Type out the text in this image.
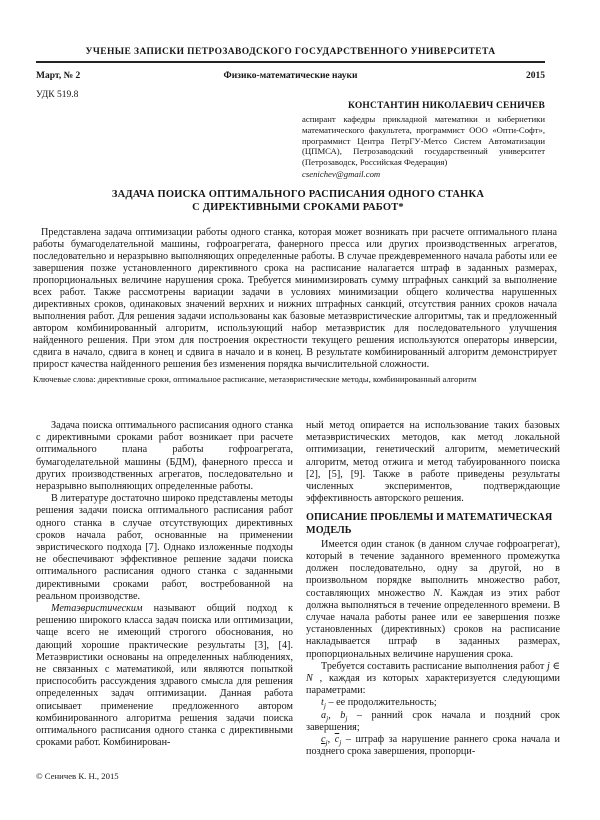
УЧЕНЫЕ ЗАПИСКИ ПЕТРОЗАВОДСКОГО ГОСУДАРСТВЕННОГО УНИВЕРСИТЕТА
Март, № 2	Физико-математические науки	2015
УДК 519.8
КОНСТАНТИН НИКОЛАЕВИЧ СЕНИЧЕВ
аспирант кафедры прикладной математики и кибернетики математического факультета, программист ООО «Опти-Софт», программист Центра ПетрГУ-Метсо Систем Автоматизации (ЦПМСА), Петрозаводский государственный университет (Петрозаводск, Российская Федерация)
csenichev@gmail.com
ЗАДАЧА ПОИСКА ОПТИМАЛЬНОГО РАСПИСАНИЯ ОДНОГО СТАНКА
С ДИРЕКТИВНЫМИ СРОКАМИ РАБОТ*

Представлена задача оптимизации работы одного станка, которая может возникать при расчете оптимального плана работы бумагоделательной машины, гофроагрегата, фанерного пресса или других производственных агрегатов, последовательно и неразрывно выполняющих определенные работы. В случае преждевременного начала работы или ее завершения позже установленного директивного срока на расписание налагается штраф в заданных размерах, пропорциональных величине нарушения срока. Требуется минимизировать сумму штрафных санкций за выполнение всех работ. Также рассмотрены вариации задачи в условиях минимизации общего количества нарушенных директивных сроков, одинаковых значений верхних и нижних штрафных санкций, отсутствия ранних сроков начала выполнения работ. Для решения задачи использованы как базовые метаэвристические алгоритмы, так и предложенный автором комбинированный алгоритм, использующий набор метаэвристик для последовательного улучшения найденного решения. При этом для построения окрестности текущего решения используются операторы инверсии, сдвига в начало, сдвига в конец и сдвига в начало и в конец. В результате комбинированный алгоритм демонстрирует прирост качества найденного решения без изменения порядка вычислительной сложности.

Ключевые слова: директивные сроки, оптимальное расписание, метаэвристические методы, комбинированный алгоритм

Задача поиска оптимального расписания одного станка с директивными сроками работ возникает при расчете оптимального плана работы гофроагрегата, бумагоделательной машины (БДМ), фанерного пресса и других производственных агрегатов, последовательно и неразрывно выполняющих определенные работы.

В литературе достаточно широко представлены методы решения задачи поиска оптимального расписания работ одного станка в случае отсутствующих директивных сроков начала работ, основанные на применении эвристического подхода [7]. Однако изложенные подходы не обеспечивают эффективное решение задачи поиска оптимального расписания одного станка с заданными директивными сроками работ, востребованной на реальном производстве.

Метаэвристическим называют общий подход к решению широкого класса задач поиска или оптимизации, чаще всего не имеющий строгого обоснования, но дающий хорошие практические результаты [3], [4]. Метаэвристики основаны на определенных наблюдениях, не связанных с математикой, или являются попыткой приспособить рассуждения здравого смысла для решения определенных задач оптимизации. Данная работа описывает применение предложенного автором комбинированного алгоритма решения задачи поиска оптимального расписания одного станка с директивными сроками работ. Комбинирован-

ный метод опирается на использование таких базовых метаэвристических методов, как метод локальной оптимизации, генетический алгоритм, меметический алгоритм, метод отжига и метод табуированного поиска [2], [5], [9]. Также в работе приведены результаты численных экспериментов, подтверждающие эффективность авторского решения.

ОПИСАНИЕ ПРОБЛЕМЫ И МАТЕМАТИЧЕСКАЯ МОДЕЛЬ

Имеется один станок (в данном случае гофроагрегат), который в течение заданного временного промежутка должен последовательно, одну за другой, но в произвольном порядке выполнить множество работ, составляющих множество N. Каждая из этих работ должна выполняться в течение определенного времени. В случае начала работы ранее или ее завершения позже установленных (директивных) сроков на расписание накладывается штраф в заданных размерах, пропорциональных величине нарушения срока.

Требуется составить расписание выполнения работ j ∈ N , каждая из которых характеризуется следующими параметрами:

$t_j$ – ее продолжительность;

$a_j$, $b_j$ – ранний срок начала и поздний срок завершения;

$c_j$, $\overline{c}_j$ – штраф за нарушение раннего срока начала и позднего срока завершения, пропорци-

© Сеничев К. Н., 2015
